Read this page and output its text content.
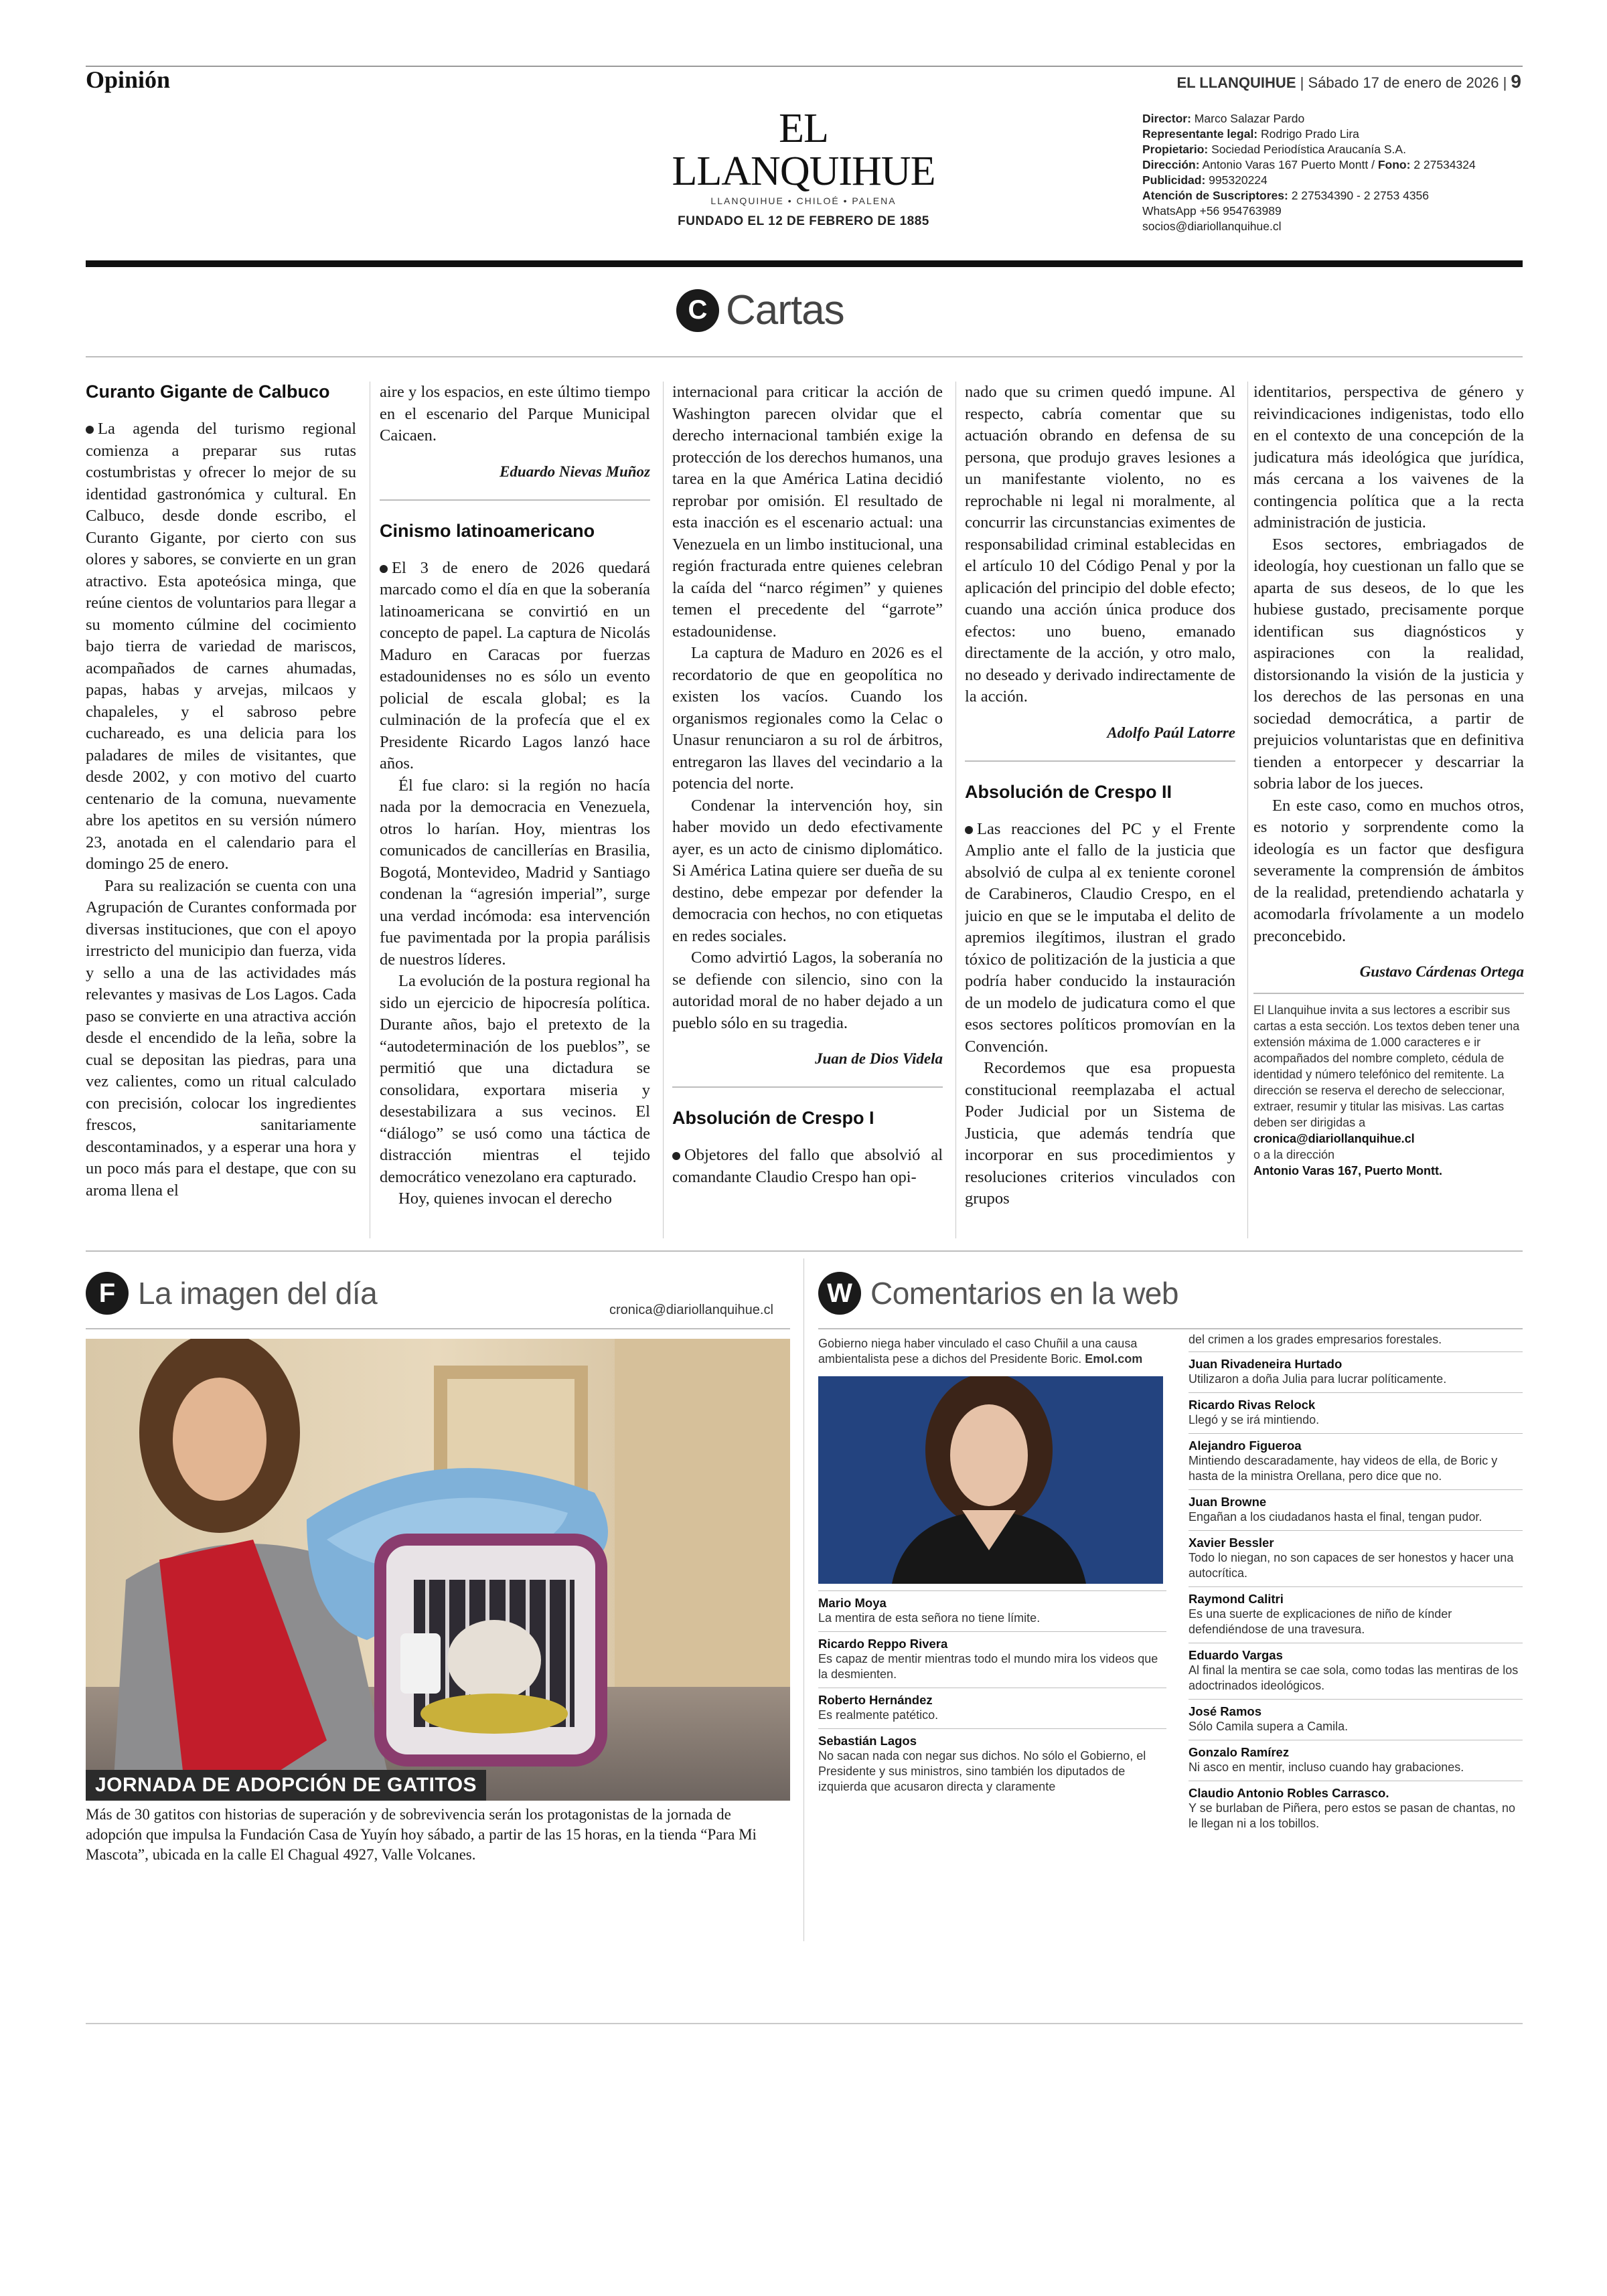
Opinión	EL LLANQUIHUE | Sábado 17 de enero de 2026 | 9
EL LLANQUIHUE
LLANQUIHUE • CHILOÉ • PALENA
FUNDADO EL 12 DE FEBRERO DE 1885
Director: Marco Salazar Pardo
Representante legal: Rodrigo Prado Lira
Propietario: Sociedad Periodística Araucanía S.A.
Dirección: Antonio Varas 167 Puerto Montt / Fono: 2 27534324
Publicidad: 995320224
Atención de Suscriptores: 2 27534390 - 2 2753 4356
WhatsApp +56 954763989
socios@diariollanquihue.cl
C Cartas
Curanto Gigante de Calbuco

La agenda del turismo regional comienza a preparar sus rutas costumbristas y ofrecer lo mejor de su identidad gastronómica y cultural. En Calbuco, desde donde escribo, el Curanto Gigante, por cierto con sus olores y sabores, se convierte en un gran atractivo. Esta apoteósica minga, que reúne cientos de voluntarios para llegar a su momento cúlmine del cocimiento bajo tierra de variedad de mariscos, acompañados de carnes ahumadas, papas, habas y arvejas, milcaos y chapaleles, y el sabroso pebre cuchareado, es una delicia para los paladares de miles de visitantes, que desde 2002, y con motivo del cuarto centenario de la comuna, nuevamente abre los apetitos en su versión número 23, anotada en el calendario para el domingo 25 de enero.

Para su realización se cuenta con una Agrupación de Curantes conformada por diversas instituciones, que con el apoyo irrestricto del municipio dan fuerza, vida y sello a una de las actividades más relevantes y masivas de Los Lagos. Cada paso se convierte en una atractiva acción desde el encendido de la leña, sobre la cual se depositan las piedras, para una vez calientes, como un ritual calculado con precisión, colocar los ingredientes frescos, sanitariamente descontaminados, y a esperar una hora y un poco más para el destape, que con su aroma llena el

aire y los espacios, en este último tiempo en el escenario del Parque Municipal Caicaen.

Eduardo Nievas Muñoz
Cinismo latinoamericano

El 3 de enero de 2026 quedará marcado como el día en que la soberanía latinoamericana se convirtió en un concepto de papel. La captura de Nicolás Maduro en Caracas por fuerzas estadounidenses no es sólo un evento policial de escala global; es la culminación de la profecía que el ex Presidente Ricardo Lagos lanzó hace años.

Él fue claro: si la región no hacía nada por la democracia en Venezuela, otros lo harían. Hoy, mientras los comunicados de cancillerías en Brasilia, Bogotá, Montevideo, Madrid y Santiago condenan la “agresión imperial”, surge una verdad incómoda: esa intervención fue pavimentada por la propia parálisis de nuestros líderes.

La evolución de la postura regional ha sido un ejercicio de hipocresía política. Durante años, bajo el pretexto de la “autodeterminación de los pueblos”, se permitió que una dictadura se consolidara, exportara miseria y desestabilizara a sus vecinos. El “diálogo” se usó como una táctica de distracción mientras el tejido democrático venezolano era capturado.

Hoy, quienes invocan el derecho

internacional para criticar la acción de Washington parecen olvidar que el derecho internacional también exige la protección de los derechos humanos, una tarea en la que América Latina decidió reprobar por omisión. El resultado de esta inacción es el escenario actual: una Venezuela en un limbo institucional, una región fracturada entre quienes celebran la caída del “narco régimen” y quienes temen el precedente del “garrote” estadounidense.

La captura de Maduro en 2026 es el recordatorio de que en geopolítica no existen los vacíos. Cuando los organismos regionales como la Celac o Unasur renunciaron a su rol de árbitros, entregaron las llaves del vecindario a la potencia del norte.

Condenar la intervención hoy, sin haber movido un dedo efectivamente ayer, es un acto de cinismo diplomático. Si América Latina quiere ser dueña de su destino, debe empezar por defender la democracia con hechos, no con etiquetas en redes sociales.

Como advirtió Lagos, la soberanía no se defiende con silencio, sino con la autoridad moral de no haber dejado a un pueblo sólo en su tragedia.

Juan de Dios Videla
Absolución de Crespo I

Objetores del fallo que absolvió al comandante Claudio Crespo han opi-

nado que su crimen quedó impune. Al respecto, cabría comentar que su actuación obrando en defensa de su persona, que produjo graves lesiones a un manifestante violento, no es reprochable ni legal ni moralmente, al concurrir las circunstancias eximentes de responsabilidad criminal establecidas en el artículo 10 del Código Penal y por la aplicación del principio del doble efecto; cuando una acción única produce dos efectos: uno bueno, emanado directamente de la acción, y otro malo, no deseado y derivado indirectamente de la acción.

Adolfo Paúl Latorre
Absolución de Crespo II

Las reacciones del PC y el Frente Amplio ante el fallo de la justicia que absolvió de culpa al ex teniente coronel de Carabineros, Claudio Crespo, en el juicio en que se le imputaba el delito de apremios ilegítimos, ilustran el grado tóxico de politización de la justicia a que podría haber conducido la instauración de un modelo de judicatura como el que esos sectores políticos promovían en la Convención.

Recordemos que esa propuesta constitucional reemplazaba el actual Poder Judicial por un Sistema de Justicia, que además tendría que incorporar en sus procedimientos y resoluciones criterios vinculados con grupos

identitarios, perspectiva de género y reivindicaciones indigenistas, todo ello en el contexto de una concepción de la judicatura más ideológica que jurídica, más cercana a los vaivenes de la contingencia política que a la recta administración de justicia.

Esos sectores, embriagados de ideología, hoy cuestionan un fallo que se aparta de sus deseos, de lo que les hubiese gustado, precisamente porque identifican sus diagnósticos y aspiraciones con la realidad, distorsionando la visión de la justicia y los derechos de las personas en una sociedad democrática, a partir de prejuicios voluntaristas que en definitiva tienden a entorpecer y descarriar la sobria labor de los jueces.

En este caso, como en muchos otros, es notorio y sorprendente como la ideología es un factor que desfigura severamente la comprensión de ámbitos de la realidad, pretendiendo achatarla y acomodarla frívolamente a un modelo preconcebido.

Gustavo Cárdenas Ortega
El Llanquihue invita a sus lectores a escribir sus cartas a esta sección. Los textos deben tener una extensión máxima de 1.000 caracteres e ir acompañados del nombre completo, cédula de identidad y número telefónico del remitente. La dirección se reserva el derecho de seleccionar, extraer, resumir y titular las misivas. Las cartas deben ser dirigidas a
cronica@diariollanquihue.cl
o a la dirección
Antonio Varas 167, Puerto Montt.
F La imagen del día	cronica@diariollanquihue.cl
JORNADA DE ADOPCIÓN DE GATITOS
Más de 30 gatitos con historias de superación y de sobrevivencia serán los protagonistas de la jornada de adopción que impulsa la Fundación Casa de Yuyín hoy sábado, a partir de las 15 horas, en la tienda “Para Mi Mascota”, ubicada en la calle El Chagual 4927, Valle Volcanes.
W Comentarios en la web
Gobierno niega haber vinculado el caso Chuñil a una causa ambientalista pese a dichos del Presidente Boric. Emol.com
Mario Moya
La mentira de esta señora no tiene límite.
Ricardo Reppo Rivera
Es capaz de mentir mientras todo el mundo mira los videos que la desmienten.
Roberto Hernández
Es realmente patético.
Sebastián Lagos
No sacan nada con negar sus dichos. No sólo el Gobierno, el Presidente y sus ministros, sino también los diputados de izquierda que acusaron directa y claramente
del crimen a los grades empresarios forestales.
Juan Rivadeneira Hurtado
Utilizaron a doña Julia para lucrar políticamente.
Ricardo Rivas Relock
Llegó y se irá mintiendo.
Alejandro Figueroa
Mintiendo descaradamente, hay videos de ella, de Boric y hasta de la ministra Orellana, pero dice que no.
Juan Browne
Engañan a los ciudadanos hasta el final, tengan pudor.
Xavier Bessler
Todo lo niegan, no son capaces de ser honestos y hacer una autocrítica.
Raymond Calitri
Es una suerte de explicaciones de niño de kínder defendiéndose de una travesura.
Eduardo Vargas
Al final la mentira se cae sola, como todas las mentiras de los adoctrinados ideológicos.
José Ramos
Sólo Camila supera a Camila.
Gonzalo Ramírez
Ni asco en mentir, incluso cuando hay grabaciones.
Claudio Antonio Robles Carrasco.
Y se burlaban de Piñera, pero estos se pasan de chantas, no le llegan ni a los tobillos.
